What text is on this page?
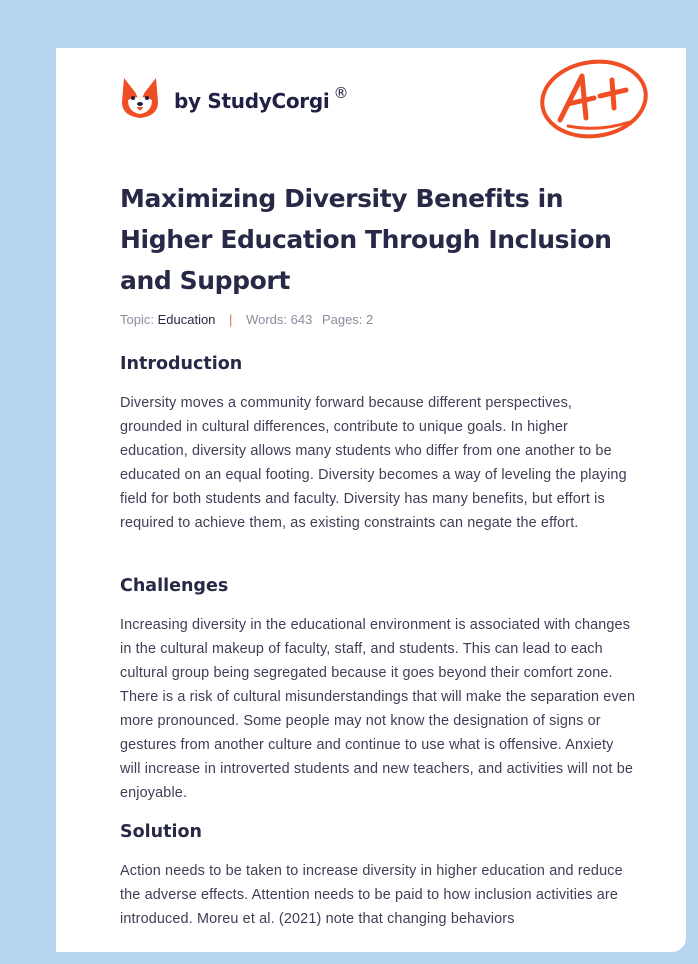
by StudyCorgi ®
Maximizing Diversity Benefits in Higher Education Through Inclusion and Support
Topic: Education | Words: 643 Pages: 2
Introduction

Diversity moves a community forward because different perspectives, grounded in cultural differences, contribute to unique goals. In higher education, diversity allows many students who differ from one another to be educated on an equal footing. Diversity becomes a way of leveling the playing field for both students and faculty. Diversity has many benefits, but effort is required to achieve them, as existing constraints can negate the effort.

Challenges

Increasing diversity in the educational environment is associated with changes in the cultural makeup of faculty, staff, and students. This can lead to each cultural group being segregated because it goes beyond their comfort zone. There is a risk of cultural misunderstandings that will make the separation even more pronounced. Some people may not know the designation of signs or gestures from another culture and continue to use what is offensive. Anxiety will increase in introverted students and new teachers, and activities will not be enjoyable.

Solution

Action needs to be taken to increase diversity in higher education and reduce the adverse effects. Attention needs to be paid to how inclusion activities are introduced. Moreu et al. (2021) note that changing behaviors
